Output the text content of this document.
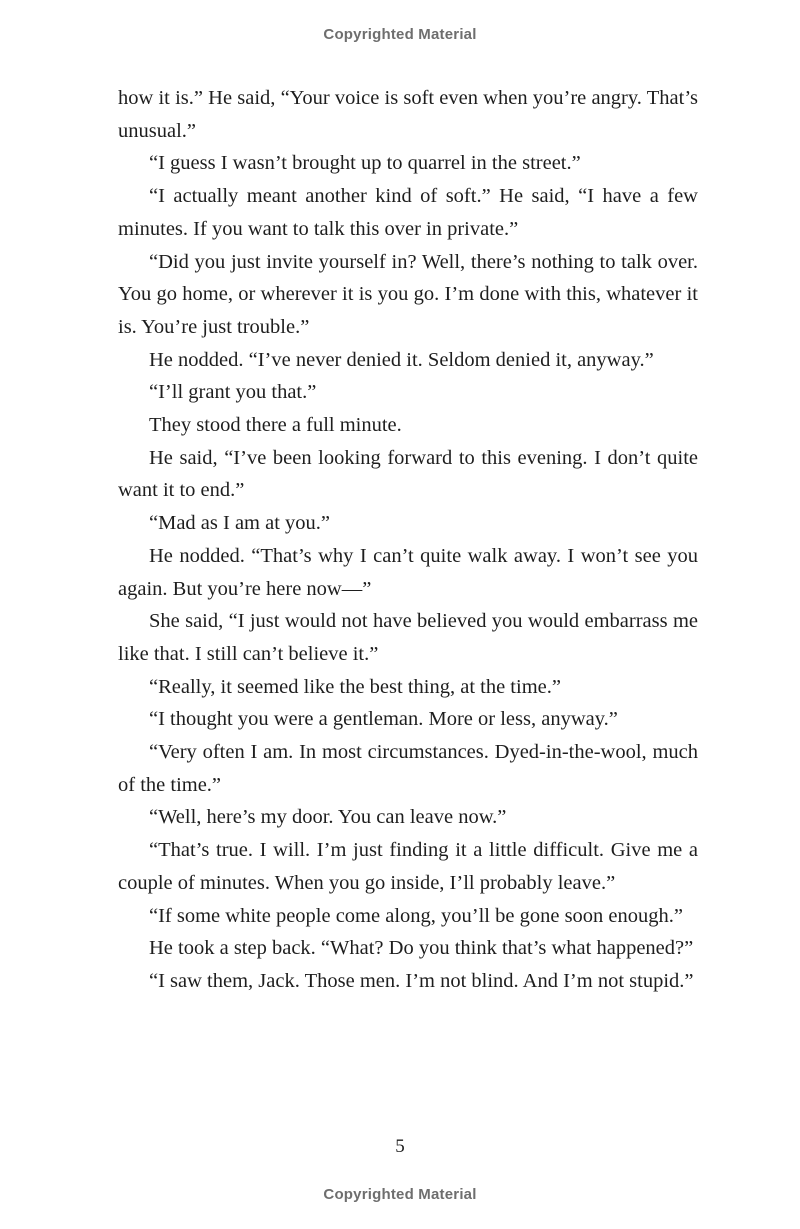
Copyrighted Material

how it is.” He said, “Your voice is soft even when you’re angry. That’s unusual.”

“I guess I wasn’t brought up to quarrel in the street.”

“I actually meant another kind of soft.” He said, “I have a few minutes. If you want to talk this over in private.”

“Did you just invite yourself in? Well, there’s nothing to talk over. You go home, or wherever it is you go. I’m done with this, whatever it is. You’re just trouble.”

He nodded. “I’ve never denied it. Seldom denied it, anyway.”

“I’ll grant you that.”

They stood there a full minute.

He said, “I’ve been looking forward to this evening. I don’t quite want it to end.”

“Mad as I am at you.”

He nodded. “That’s why I can’t quite walk away. I won’t see you again. But you’re here now—”

She said, “I just would not have believed you would embarrass me like that. I still can’t believe it.”

“Really, it seemed like the best thing, at the time.”

“I thought you were a gentleman. More or less, anyway.”

“Very often I am. In most circumstances. Dyed-in-the-wool, much of the time.”

“Well, here’s my door. You can leave now.”

“That’s true. I will. I’m just finding it a little difficult. Give me a couple of minutes. When you go inside, I’ll probably leave.”

“If some white people come along, you’ll be gone soon enough.”

He took a step back. “What? Do you think that’s what happened?”

“I saw them, Jack. Those men. I’m not blind. And I’m not stupid.”

5
Copyrighted Material
